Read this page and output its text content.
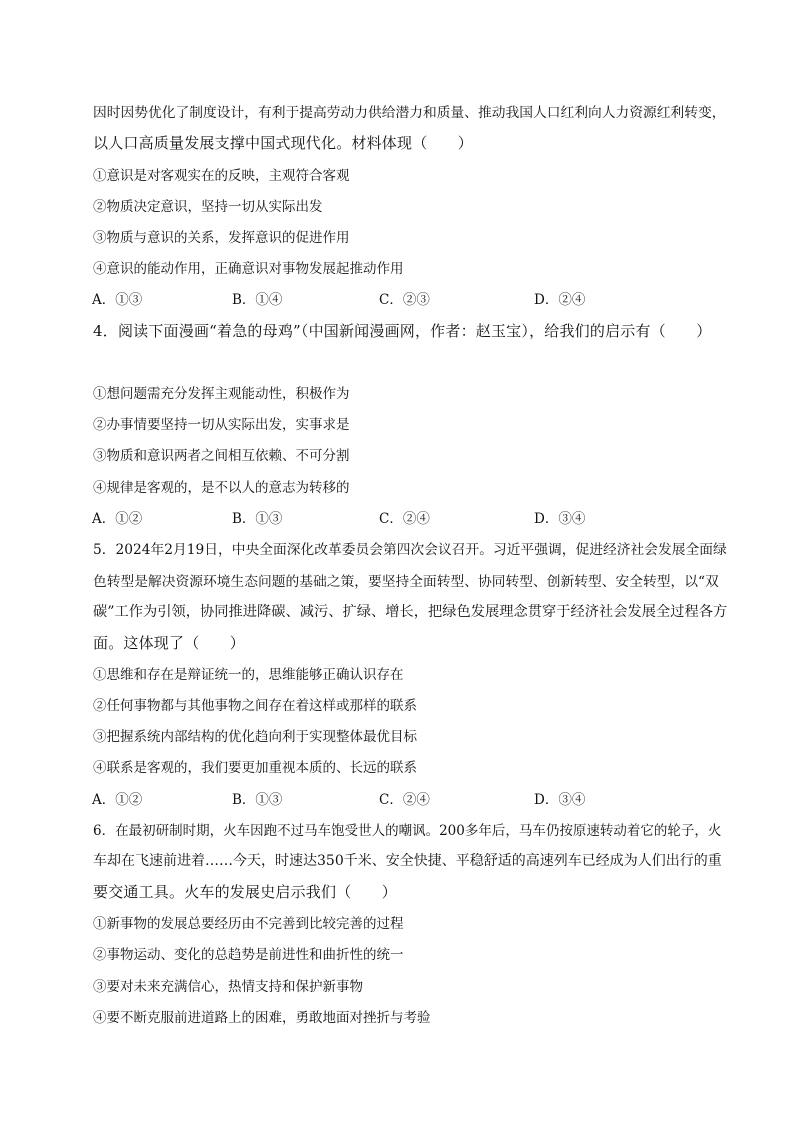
因时因势优化了制度设计，有利于提高劳动力供给潜力和质量、推动我国人口红利向人力资源红利转变，
以人口高质量发展支撑中国式现代化。材料体现（　　）
①意识是对客观实在的反映，主观符合客观
②物质决定意识，坚持一切从实际出发
③物质与意识的关系，发挥意识的促进作用
④意识的能动作用，正确意识对事物发展起推动作用
A．①③	B．①④	C．②③	D．②④
4．阅读下面漫画“着急的母鸡”（中国新闻漫画网，作者：赵玉宝），给我们的启示有（　　）
①想问题需充分发挥主观能动性，积极作为
②办事情要坚持一切从实际出发，实事求是
③物质和意识两者之间相互依赖、不可分割
④规律是客观的，是不以人的意志为转移的
A．①②	B．①③	C．②④	D．③④
5．2024年2月19日，中央全面深化改革委员会第四次会议召开。习近平强调，促进经济社会发展全面绿
色转型是解决资源环境生态问题的基础之策，要坚持全面转型、协同转型、创新转型、安全转型，以“双
碳”工作为引领，协同推进降碳、减污、扩绿、增长，把绿色发展理念贯穿于经济社会发展全过程各方
面。这体现了（　　）
①思维和存在是辩证统一的，思维能够正确认识存在
②任何事物都与其他事物之间存在着这样或那样的联系
③把握系统内部结构的优化趋向利于实现整体最优目标
④联系是客观的，我们要更加重视本质的、长远的联系
A．①②	B．①③	C．②④	D．③④
6．在最初研制时期，火车因跑不过马车饱受世人的嘲讽。200多年后，马车仍按原速转动着它的轮子，火
车却在飞速前进着……今天，时速达350千米、安全快捷、平稳舒适的高速列车已经成为人们出行的重
要交通工具。火车的发展史启示我们（　　）
①新事物的发展总要经历由不完善到比较完善的过程
②事物运动、变化的总趋势是前进性和曲折性的统一
③要对未来充满信心，热情支持和保护新事物
④要不断克服前进道路上的困难，勇敢地面对挫折与考验
